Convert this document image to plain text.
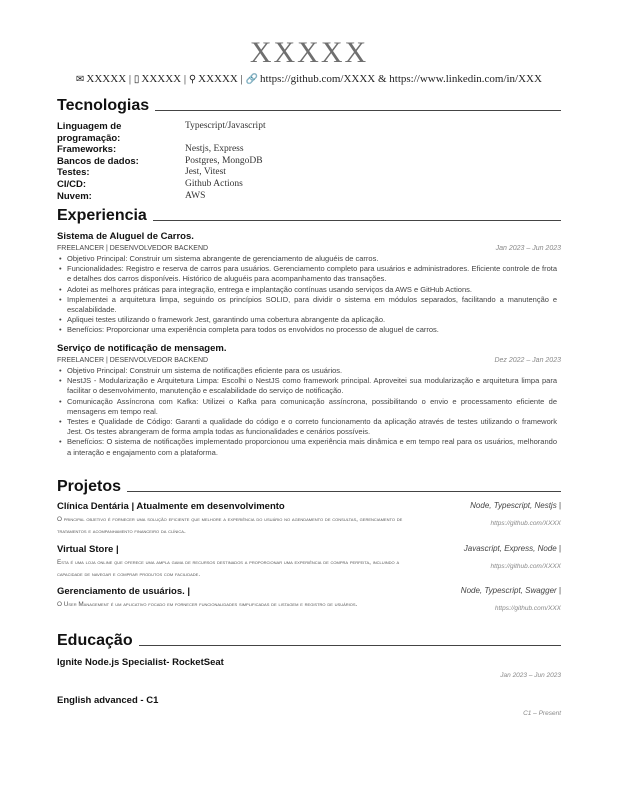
XXXXX
✉ XXXXX | ▯ XXXXX | ⚲ XXXXX | 🔗 https://github.com/XXXX & https://www.linkedin.com/in/XXX
Tecnologias
Linguagem de programação:
Typescript/Javascript
Frameworks:	Nestjs, Express
Bancos de dados:	Postgres, MongoDB
Testes:	Jest, Vitest
CI/CD:	Github Actions
Nuvem:	AWS
Experiencia
Sistema de Aluguel de Carros.
FREELANCER | DESENVOLVEDOR BACKEND	Jan 2023 – Jun 2023
• Objetivo Principal: Construir um sistema abrangente de gerenciamento de aluguéis de carros.
• Funcionalidades: Registro e reserva de carros para usuários. Gerenciamento completo para usuários e administradores. Eficiente controle de frota e detalhes dos carros disponíveis. Histórico de aluguéis para acompanhamento das transações.
• Adotei as melhores práticas para integração, entrega e implantação contínuas usando serviços da AWS e GitHub Actions.
• Implementei a arquitetura limpa, seguindo os princípios SOLID, para dividir o sistema em módulos separados, facilitando a manutenção e escalabilidade.
• Apliquei testes utilizando o framework Jest, garantindo uma cobertura abrangente da aplicação.
• Benefícios: Proporcionar uma experiência completa para todos os envolvidos no processo de aluguel de carros.
Serviço de notificação de mensagem.
FREELANCER | DESENVOLVEDOR BACKEND	Dez 2022 – Jan 2023
• Objetivo Principal: Construir um sistema de notificações eficiente para os usuários.
• NestJS - Modularização e Arquitetura Limpa: Escolhi o NestJS como framework principal. Aproveitei sua modularização e arquitetura limpa para facilitar o desenvolvimento, manutenção e escalabilidade do serviço de notificação.
• Comunicação Assíncrona com Kafka: Utilizei o Kafka para comunicação assíncrona, possibilitando o envio e processamento eficiente de mensagens em tempo real.
• Testes e Qualidade de Código: Garanti a qualidade do código e o correto funcionamento da aplicação através de testes utilizando o framework Jest. Os testes abrangeram de forma ampla todas as funcionalidades e cenários possíveis.
• Benefícios: O sistema de notificações implementado proporcionou uma experiência mais dinâmica e em tempo real para os usuários, melhorando a interação e engajamento com a plataforma.
Projetos
Clínica Dentária | Atualmente em desenvolvimento	Node, Typescript, Nestjs |
O principal objetivo é fornecer uma solução eficiente que melhore a experiência do usuário no agendamento de consultas, gerenciamento de tratamentos e acompanhamento financeiro da clínica.
https://github.com/XXXX
Virtual Store |	Javascript, Express, Node |
Esta é uma loja online que oferece uma ampla gama de recursos destinados a proporcionar uma experiência de compra perfeita, incluindo a capacidade de navegar e comprar produtos com facilidade.
https://github.com/XXXX
Gerenciamento de usuários. |	Node, Typescript, Swagger |
O User Management é um aplicativo focado em fornecer funcionalidades simplificadas de listagem e registro de usuários.
https://github.com/XXX
Educação
Ignite Node.js Specialist- RocketSeat
Jan 2023 – Jun 2023
English advanced - C1
C1 – Present
